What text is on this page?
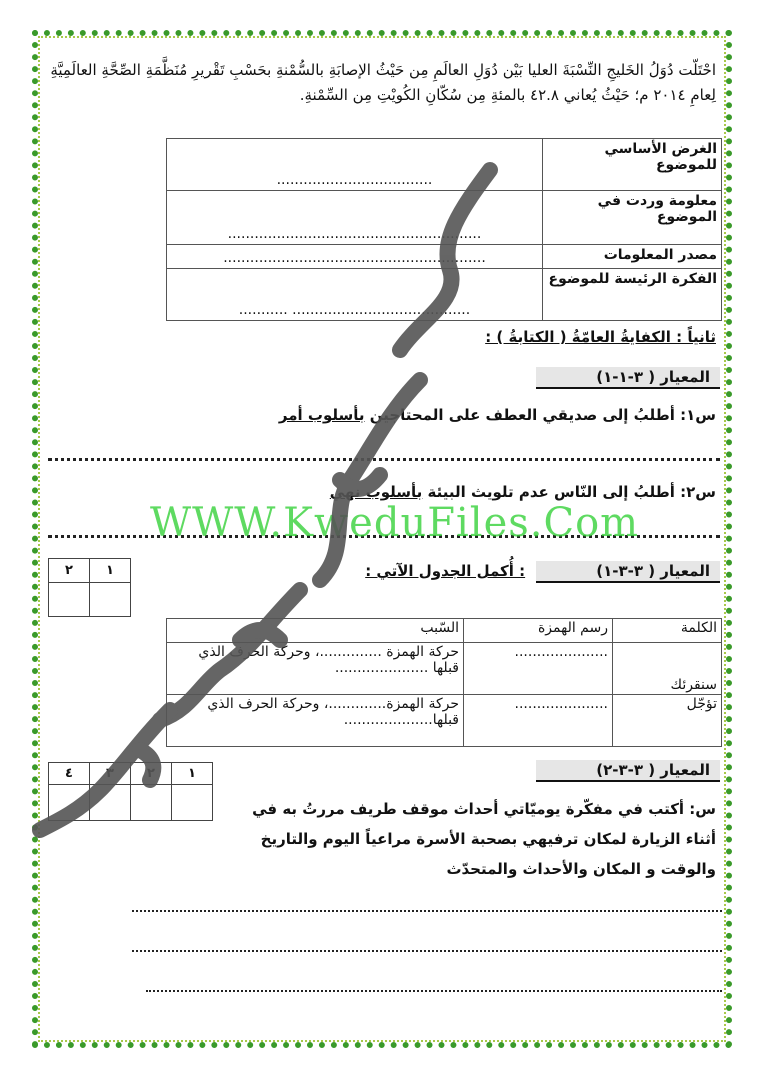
احْتَلّت دُوَلُ الخَليجِ النِّسْبَةَ العليا بَيْن دُوَلِ العالَمِ مِن حَيْثُ الإصابَةِ بالسُّمْنةِ بحَسْبِ تَقْريرِ مُنَظَّمَةِ الصِّحَّةِ العالَمِيَّةِ لِعامِ ٢٠١٤ م؛ حَيْثُ يُعاني ٤٢.٨ بالمئةِ مِن سُكّانِ الكُويْتِ مِن السِّمْنةِ.
الغرض الأساسي للموضوع	...................................
معلومة وردت في الموضوع	.........................................................
مصدر المعلومات	...........................................................
الفكرة الرئيسة للموضوع	........................................ ...........
ثانياً : الكفايةُ العامّةُ ( الكتابةُ ) :
المعيار ( ٣-١-١)
س١: أطلبُ إلى صديقي العطف على المحتاجين بأسلوب أمر
س٢: أطلبُ إلى النّاس عدم تلويث البيئة بأسلوب نهي
WWW.KweduFiles.Com
المعيار ( ٣-٣-١) : أُكمل الجدول الآتي :
١	٢

الكلمة	رسم الهمزة	السّبب
سنقرئك	.....................	حركة الهمزة ..............، وحركة الحرف الذي قبلها .....................
تؤجّل	.....................	حركة الهمزة.............، وحركة الحرف الذي قبلها....................
المعيار ( ٣-٣-٢)
١	٢	٣	٤

س: أكتب في مفكّرة يوميّاتي أحداث موقف طريف مررتُ به في أثناء الزيارة لمكان ترفيهي بصحبة الأسرة مراعياً اليوم والتاريخ والوقت و المكان والأحداث والمتحدّث
